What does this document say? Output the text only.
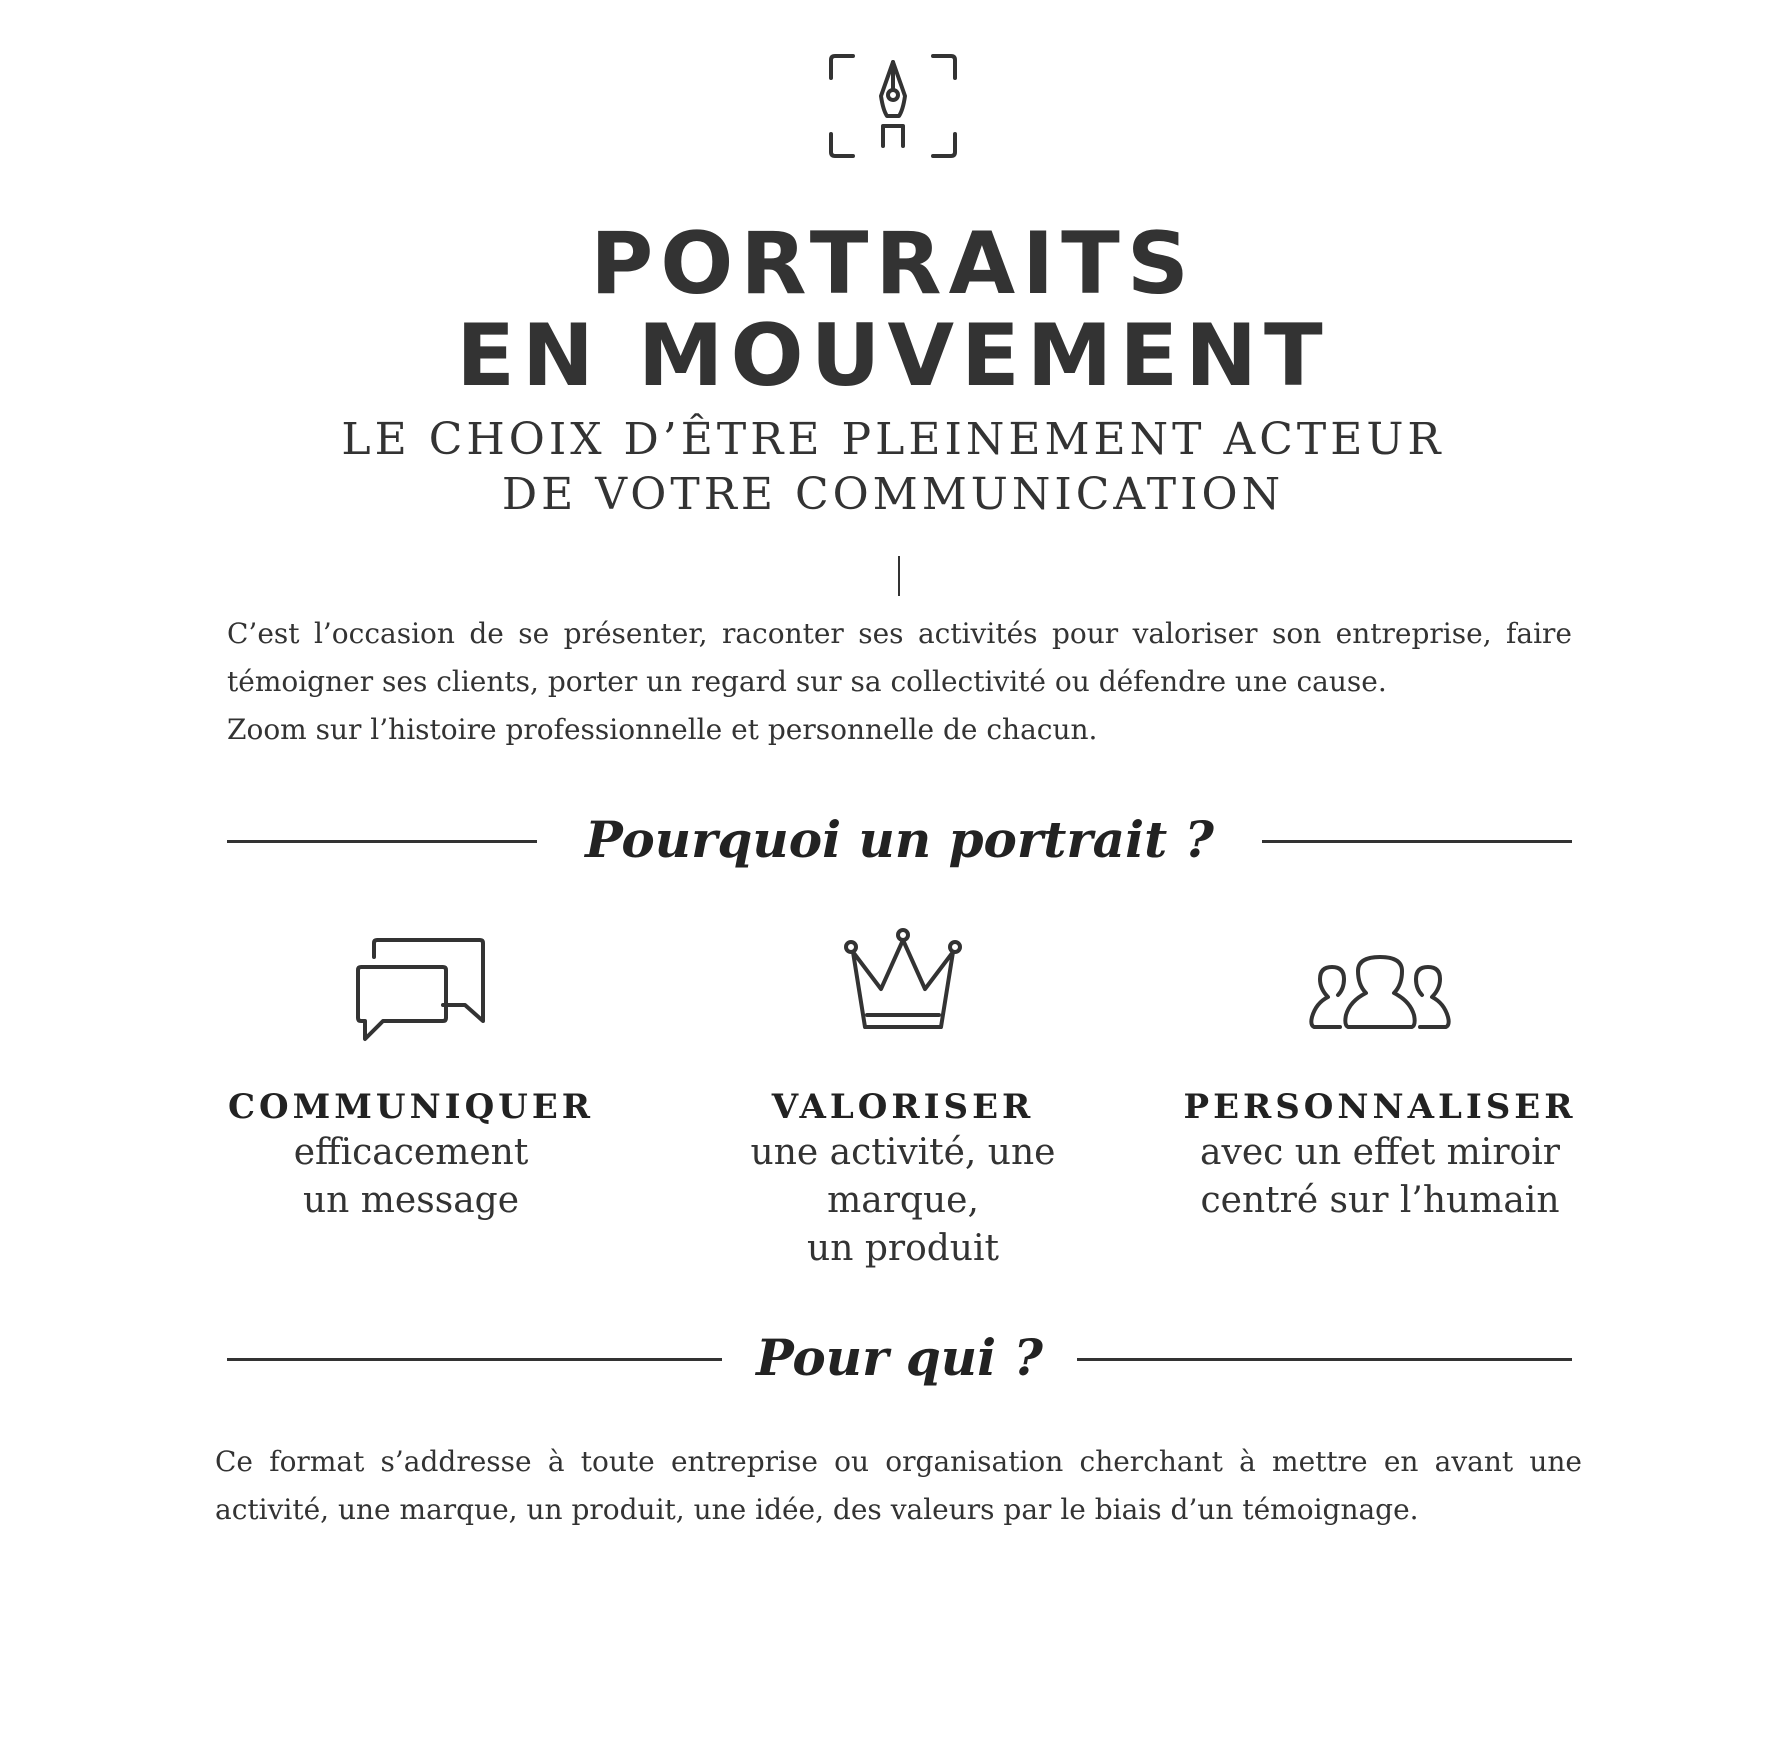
PORTRAITS
EN MOUVEMENT

LE CHOIX D’ÊTRE PLEINEMENT ACTEUR
DE VOTRE COMMUNICATION

C’est l’occasion de se présenter, raconter ses activités pour valoriser son entreprise, faire témoigner ses clients, porter un regard sur sa collectivité ou défendre une cause.
Zoom sur l’histoire professionnelle et personnelle de chacun.

Pourquoi un portrait ?
COMMUNIQUER
efficacement
un message
VALORISER
une activité, une marque,
un produit
PERSONNALISER
avec un effet miroir
centré sur l’humain
Pour qui ?

Ce format s’addresse à toute entreprise ou organisation cherchant à mettre en avant une activité, une marque, un produit, une idée, des valeurs par le biais d’un témoignage.
